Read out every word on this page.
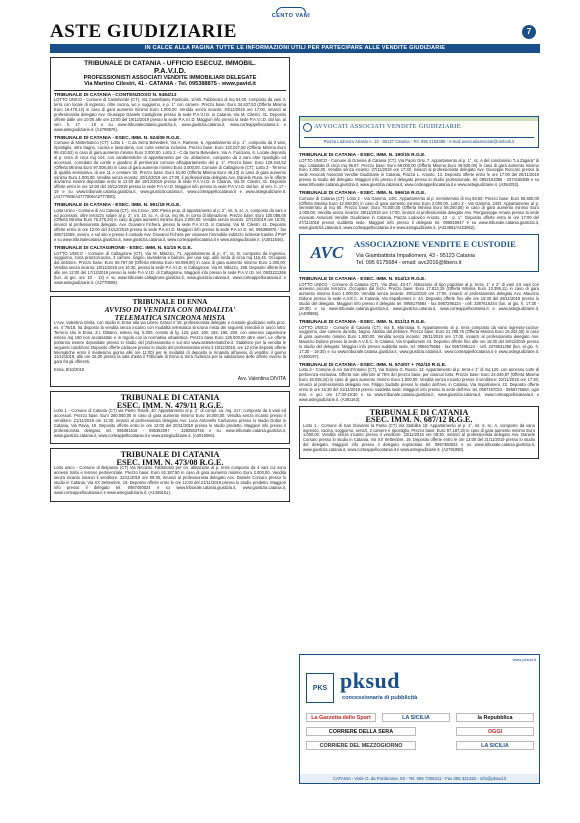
CENTO VANI
ASTE GIUDIZIARIE	7
IN CALCE ALLA PAGINA TUTTE LE INFORMAZIONI UTILI PER PARTECIPARE ALLE VENDITE GIUDIZIARIE
TRIBUNALE DI CATANIA - UFFICIO ESECUZ. IMMOBIL.
P.A.V.I.D.
PROFESSIONISTI ASSOCIATI VENDITE IMMOBILIARI DELEGATE
Via Martino Cilestri, 41 - CATANIA - Tel. 095388875 - www.pavid.it
TRIBUNALE DI CATANIA - CONTENZIOSO N. 9484/13
LOTTO UNICO - Comune di Castelverde (CT), Via Castelbiano Pasticola, 1/A/B. Fabbricato di mq 64,00, composto da vani 3, terra con locale di ingresso, oltre cucina, wc e soggiorno, e p. 1° con camere. Prezzo base: Euro 34.637,53 (Offerta Minima Euro 19.478,12) in caso di gara aumento minimo Euro 1.000,00. Vendita senza incanto: 20/12/2019 ore 17:00, innanzi al professionista delegato Avv. Giuseppe Daniele Castiglione presso la sede P.A.V.I.D. in Catania, Via M. Cilestri, 41. Deposito offerte dalle ore 10:00 alle ore 13:00 del 19/12/2019 presso la sede P.A.V.I.D. Maggiori info presso la sede P.A.V.I.D. dal lun. al ven. h. 17 - 19 e su www.tribunalecatania.giustizia.it, www.giustizia.catania.it, www.corteappellocatania.it e www.astegiudiziarie.it. (A2799876).
TRIBUNALE DI CATANIA - ESEC. IMM. N. 524/09 R.G.E.
Comune di Misterbianco (CT): Lotto 1 - C.da Serra Belvedere, Via A. Ramese, 6. Appartamento al p. 1°, composto da 3 vani, ripostiglio, oltre bagno, cucina e lavanderia, con corte esterna inclusiva. Prezzo base: Euro 132.047,50 (Offerta Minima Euro 99.410,62) in caso di gara aumento minimo Euro 3.000,00. Lotto 2 - C.da Serra Belvedere, Via A. Fiorciano, 6. Locale deposito al p. terra di circa mq 104, con caratteristiche di appartamento per civ. abitazione, composto da 2 vani oltre ripostiglio ed accessori, corredato da cortile e giardino di pertinenza comune all'appartamento del p. 1°. Prezzo base: Euro 129.344,62 (Offerta Minima Euro 97.008,46) in caso di gara aumento minimo Euro 3.000,00. Comune di Caltagirone (CT): Lotto 3 - Terreno di qualità seminativo, di are 11 e centiare 30. Prezzo base: Euro 61,90 (Offerta Minima Euro 46,13) in caso di gara aumento minimo Euro 1.000,00. Vendita senza incanto: 20/12/2019 ore 17:00, il professionista delegato Avv. Daniele Runa. Ivi le offerte dovranno essere depositate entro le 12:00 del 19/12/2019 presso la sede P.A.V.I.D. in Catania, Via M. Cilestri, 41. Deposito offerte entro le ore 12:00 del 19/12/2019 presso la sede P.A.V.I.D. Maggiori info presso la sede P.A.V.I.D. dal lun. al ven. h. 17 - 19 e su www.tribunale.catania.giustizia.it, www.giustizia.catania.it, www.corteappellocatania.it e www.astegiudiziarie.it. (A2777806/A2777806/A2777800).
TRIBUNALE DI CATANIA - ESEC. IMM. N. 951/18 R.G.E.
Lotto Unico - Comune di Aci Catena (CT), Via Croce, 100. Piena prop. di appartamento al p. 2°, int. 6, sc. A, composto da vani 4 ed accessori, oltre terrazzo solare al p. 3°, int. 10, sc. A, di ca. mq 96, in corso di liberazione. Prezzo base: Euro 100.086,00 (Offerta Minima Euro 75.275,20) in caso di gara aumento minimo Euro 2.000,00. Vendita senza incanto: 27/12/2019 ore 10:30, innanzi al professionista delegato, Avv. Giovanni Fichera, presso la sede P.A.V.I.D. in Catania, Via M. Cilestri, 41. Deposito offerte entro le ore 12:00 del 24/12/2019 presso la sede P.A.V.I.D. Maggiori info presso la sede P.A.V.I.D. tel. 095388875 - fax 095714059, ovvero, e sul sito e presso il custode Avv. Giovanni Fichera per visionare l'immobile indirizzo richieste tramite il PVP e su www.tribunalecatania.giustizia.it, www.giustizia.catania.it, www.corteappellocatania.it e www.astegiudiziarie.it. (A2811646).
TRIBUNALE DI CALTAGIRONE - ESEC. IMM. N. 61/15 R.G.E.
LOTTO UNICO - Comune di Caltagirone (CT), Via M. Milazzo, 71. Appartamento al p. 4°, sc. B, composto da ingresso, soggiorno, zona pranzo/cucina, 2 camere, bagno, lavanderia e balconi, per una sup. utile lorda di circa mq 116,45. Occupato dal debitore. Prezzo base: Euro 66.797,00 (Offerta Minima Euro 50.098,00) in caso di gara aumento minimo Euro 1.300,00. Vendita senza incanto: 18/12/2019 ore 16:30, presso la sede P.A.V.I.D. in Caltagirone, Via M. Milazzo, 199. Deposito offerte fino alle ore 12:00 del 17/12/2019 presso la sede P.A.V.I.D. di Caltagirone. Maggiori info presso la sede P.A.V.I.D. tel. 0933221266 (lun. al gio. ore 10 - 12) e su www.tribunale.caltagirone.giustizia.it, www.giustizia.catania.it, www.corteappellocatania.it e www.astegiudiziarie.it. (A2778609).
TRIBUNALE DI ENNA
AVVISO DI VENDITA CON MODALITA'
TELEMATICA SINCRONA MISTA
L'Avv. Valentina Divita, con studio in Enna alla via Libero Grassi n°18, professionista delegato e custode giudiziario nella proc. es. n°76/18, ha disposto la vendita senza incanto con modalità telematica sincrona mista dei seguenti immobili in unico lotto: Terreno sito in Enna, Z.I. Dittaino, esteso mq. 5.000, censito al fg. 120, part. 190, 192, 196, 200, con annesso capannone esteso mq 150 non accatastato e in regola con la normativa urbanistica. Prezzo base Euro 126.000,00 oltre oneri. Le offerte potranno essere depositate presso lo studio del professionista e sul sito www.astetelematiche.it. Stabilisce per la vendita le seguenti condizioni: Deposito offerte cartacee presso lo studio del professionista entro il 10/12/2019, ore 12 (che depositi offerte telematiche entro il medesimo giorno alle ore 11:00) per le modalità di deposito si rimanda all'avviso di vendita; il giorno 11/12/2019, alle ore 16,00 presso la sala d'asta il Tribunale di Enna si terrà l'udienza per la valutazione delle offerte ovvero la gara fra gli offerenti.
Enna, 8/10/2019
Avv. Valentina DIVITA
TRIBUNALE DI CATANIA
ESEC. IMM. N. 479/11 R.G.E.
Lotto 1 - Comune di Catania (CT) via Pietro Toselli, 40: Appartamento al p. 2° di compl. ca. mq. 217, composto da 5 vani ed accessori. Prezzo base: Euro 280.000,00 in caso di gara aumento minimo Euro 16.000,00. Vendita senza incanto presso il venditore: 21/11/2019 ore 11:30, innanzi al professionista delegato Avv. Luca Antonello Carbonaro presso lo studio Dollar in Catania, Via Pavia, 15. Deposito offerte entro le ore 12:00 del 20/11/2019 presso lo studio predetto. Maggiori info presso il professionista delegato, tel. 095381616 - 095382297 - 3292563746 e su www.tribunale.catania.giustizia.it, www.giustizia.catania.it, www.corteappellocatania.it e www.astegiudiziarie.it. (A2810094).
TRIBUNALE DI CATANIA
ESEC. IMM. N. 473/08 R.G.E.
Lotto unico - Comune di Belpasso (CT) Via Nicolosi. Fabbricato per civ. abitazione al p. terra composto da 4 vani cui sono annessi trafoi e terreno pertinenziale. Prezzo base: Euro 62.187,50 in caso di gara aumento minimo Euro 2.000,00. Vendita senza incanto innanzi il venditore: 22/11/2019 ore 09:30, innanzi al professionista delegato Avv. Daniele Corsaro presso lo studio in Catania, Via XX Settembre, 19. Deposito offerte entro le ore 12:00 del 21/11/2019 presso lo studio predetto. Maggiori info presso il delegato tel. 0957450024 e su www.tribunale.catania.giustizia.it, www.giustizia.catania.it, www.corteappellocatania.it e www.astegiudiziarie.it. (A1459161).
AVVOCATI ASSOCIATI VENDITE GIUDIZIARIE
Piazza Lodovico Ariosto n. 13 - 95127 Catania - Tel. 095 2163386 - e-mail avvocatiassociati@outlook.it
TRIBUNALE DI CATANIA - ESEC. IMM. N. 190/15 R.G.E.
LOTTO UNICO - Comune di Gravina di Catania (CT), Via Paolo Orsi, 7. Appartamento al p. 1°, sc. A del condominio "La Zagara" di sup. catastale di circa mq 96,87. Prezzo base: Euro 66.000,00 (Offerta Minima Euro 49.500,00) in caso di gara aumento minimo Euro 2.000,00. Vendita senza incanto: 27/11/2019 ore 17:30, innanzi al professionista delegato Avv. Giuseppe Roccaro presso la sede Avvocati Associati Vendite Giudiziarie in Catania, Piazza L. Ariosto, 13. Deposito offerte entro le ore 17:00 del 25/11/2019 presso lo studio del delegato. Maggiori info presso il delegato presso lo studio professionale, tel. 0952163386 - 3374155835 e su www.tribunale.catania.giustizia.it, www.giustizia.catania.it, www.corteappellocatania.it e www.astegiudiziarie.it. (A394253).
TRIBUNALE DI CATANIA - ESEC. IMM. N. 596/16 R.G.E.
Comune di Catania (CT): Lotto 2 - Via Gamma, 24/C. Appartamento al p. seminterrato di mq 56,60. Prezzo base: Euro 56.600,00 (Offerta Minima Euro 42.450,00) in caso di gara aumento minimo Euro 2.000,00. Lotto 3 - Via Gamma, 24/D. Appartamento al p. seminterrato di mq 60. Prezzo base: Euro 75.000,00 (Offerta Minima Euro 56.250,00) in caso di gara aumento minimo Euro 2.000,00. Vendita senza incanto: 28/11/2019 ore 17:00, innanzi al professionista delegato Avv. Piergiuseppe Amara presso la sede Avvocati Associati Vendite Giudiziarie in Catania, Piazza Lodovico Ariosto, 13 - p. 1°. Deposito offerte entro le ore 17:00 del 27/11/2019 presso suddetta sede. Maggiori info presso il delegato tel. 095818647 e su www.tribunale.catania.giustizia.it, www.giustizia.catania.it, www.corteappellocatania.it e www.astegiudiziarie.it. (A423861/A423862).
AVC	ASSOCIAZIONE VENDITE E CUSTODIE
Via Giambattista Impallomeni, 43 - 95123 Catania
Tel. 095 6175684 - email: avc2016@libero.it
TRIBUNALE DI CATANIA - ESEC. IMM. N. 914/13 R.G.E.
LOTTO UNICO - Comune di Catania (CT), Via Zlavi, 43-47. Abitazione di tipo popolare al p. terra, 1° e 2° di vani 4,5 vani con annesso piccolo terrazzo. Occupato dal terzo. Prezzo base: Euro 17.812,15 (Offerta Minima Euro 13.359,11) in caso di gara aumento minimo Euro 1.000,00. Vendita senza incanto: 29/11/2019 ore 17:00, innanzi al professionista delegato Avv. Maurizio Didone presso la sede A.V.E.C. in Catania, Via Impallomeni n. 43. Deposito offerte fino alle ore 16:30 del 28/11/2019 presso lo studio del delegato. Maggiori info presso il delegato tel. 0956175684 - fax 0957296124 - cell. 3387616344 (lun. al gio. h. 17:30 - 19:30) e su www.tribunale.catania.giustizia.it, www.giustizia.catania.it, www.corteappellocatania.it e www.astegiudiziarie.it. (A409868).
TRIBUNALE DI CATANIA - ESEC. IMM. N. 811/13 R.G.E.
LOTTO UNICO - Comune di Catania (CT), Via E. Marcitaja, 5. Appartamento al p. terra composto da vano ingresso-cucina-soggiorno, due camere da letto, bagno. Abitato dal debitore. Prezzo base: Euro 21.788,75 (Offerta Minima Euro 16.342,00) in caso di gara aumento minimo Euro 1.000,00. Vendita senza incanto: 28/11/2019 ore 17:00, innanzi al professionista delegato Avv. Maurizio Didone presso la sede A.V.E.C. in Catania, Via Impallomeni 43. Deposito offerte fino alle ore 16:30 del 28/11/2019 presso lo studio del delegato. Maggiori info presso suddetta sede, tel. 0956175684 - fax 0957296124 - cell. 3479631356 (lun. al gio. h. 17:30 - 19:30) e su www.tribunale.catania.giustizia.it, www.giustizia.catania.it, www.corteappellocatania.it e www.astegiudiziarie.it. (A390197).
TRIBUNALE DI CATANIA - ESEC. IMM. N. 574/07 + 762/10 R.G.E.
Lotto 3 - Comune di Aci Sant'Antonio (CT), Via Solario G. Russo, 13. Appartamento al p. terra e 1° di mq 120, con annesso corte di pertinenza esclusiva. Offerta non inferiore al 75% del prezzo base, per ciascun lotto. Prezzo base: Euro 24.046,87 (Offerta Minima Euro 18.035,16) in caso di gara aumento minimo Euro 1.000,00. Vendita senza incanto presso il venditore: 22/11/2019 ore 17:30, innanzi al professionista delegato Avv. Filippo Sudatto presso lo studio dell'Avv. in Catania, Via Impallomeni, 43. Deposito offerte entro le ore 16:30 del 21/11/2019 presso suddetta sede. Maggiori info presso la sede dell'Avv. tel. 0957167024 - 0958175684, ogni mar. e gio. ore 17:30-19:30 e su www.tribunale.catania.giustizia.it, www.giustizia.catania.it, www.corteappellocatania.it e www.astegiudiziarie.it. (A391163).
TRIBUNALE DI CATANIA
ESEC. IMM. N. 687/12 R.G.E.
Lotto 1 - Comune di San Giovanni la Punta (CT) Via Stabilita 18: Appartamento al p. 1°, int. 6, sc. A, composto da vano ingresso, cucina, soggiorno, servizi, 2 camere e ripostiglio. Prezzo base: Euro 87.187,20 in caso di gara aumento minimo Euro 1.000,00. Vendita senza incanto presso il venditore: 22/11/2019 ore 08:30, innanzi al professionista delegato Avv. Daniele Corsaro presso lo studio in Catania, Via XX Settembre, 19. Deposito offerte entro le ore 12:00 del 21/11/2019 presso lo studio del delegato. Maggiori info presso il delegato sopracitato tel. 0957450024 e su www.tribunale.catania.giustizia.it, www.giustizia.catania.it, www.corteappellocatania.it e www.astegiudiziarie.it. (A2791950).
www.pksud.it
PKS pksud
concessionaria di pubblicità
La Gazzetta dello Sport	LA SICILIA	la Repubblica
CORRIERE DELLA SERA	OGGI
CORRIERE DEL MEZZOGIORNO	LA SICILIA
CATANIA - Viale O. da Pordenone, 50 - Tel. 095 7306311 - Fax 095 321352 - info@pksud.it
